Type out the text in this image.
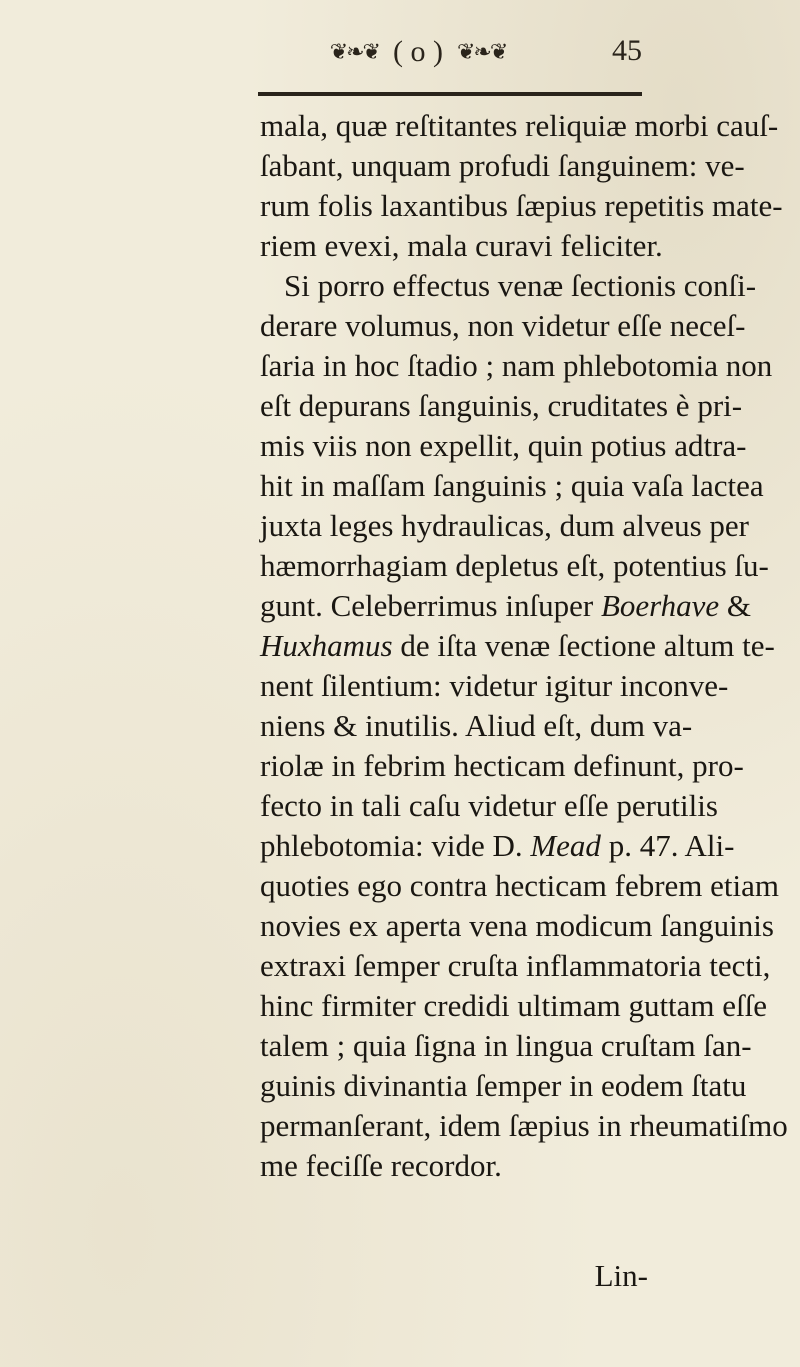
❦❧❦ ( o ) ❦❧❦	45
mala, quæ reſtitantes reliquiæ morbi cauſ-
ſabant, unquam profudi ſanguinem: ve-
rum folis laxantibus ſæpius repetitis mate-
riem evexi, mala curavi feliciter.
Si porro effectus venæ ſectionis conſi-
derare volumus, non videtur eſſe neceſ-
ſaria in hoc ſtadio ; nam phlebotomia non
eſt depurans ſanguinis, cruditates è pri-
mis viis non expellit, quin potius adtra-
hit in maſſam ſanguinis ; quia vaſa lactea
juxta leges hydraulicas, dum alveus per
hæmorrhagiam depletus eſt, potentius ſu-
gunt. Celeberrimus inſuper Boerhave &
Huxhamus de iſta venæ ſectione altum te-
nent ſilentium: videtur igitur inconve-
niens & inutilis. Aliud eſt, dum va-
riolæ in febrim hecticam definunt, pro-
fecto in tali caſu videtur eſſe perutilis
phlebotomia: vide D. Mead p. 47. Ali-
quoties ego contra hecticam febrem etiam
novies ex aperta vena modicum ſanguinis
extraxi ſemper cruſta inflammatoria tecti,
hinc firmiter credidi ultimam guttam eſſe
talem ; quia ſigna in lingua cruſtam ſan-
guinis divinantia ſemper in eodem ſtatu
permanſerant, idem ſæpius in rheumatiſmo
me feciſſe recordor.
Lin-
